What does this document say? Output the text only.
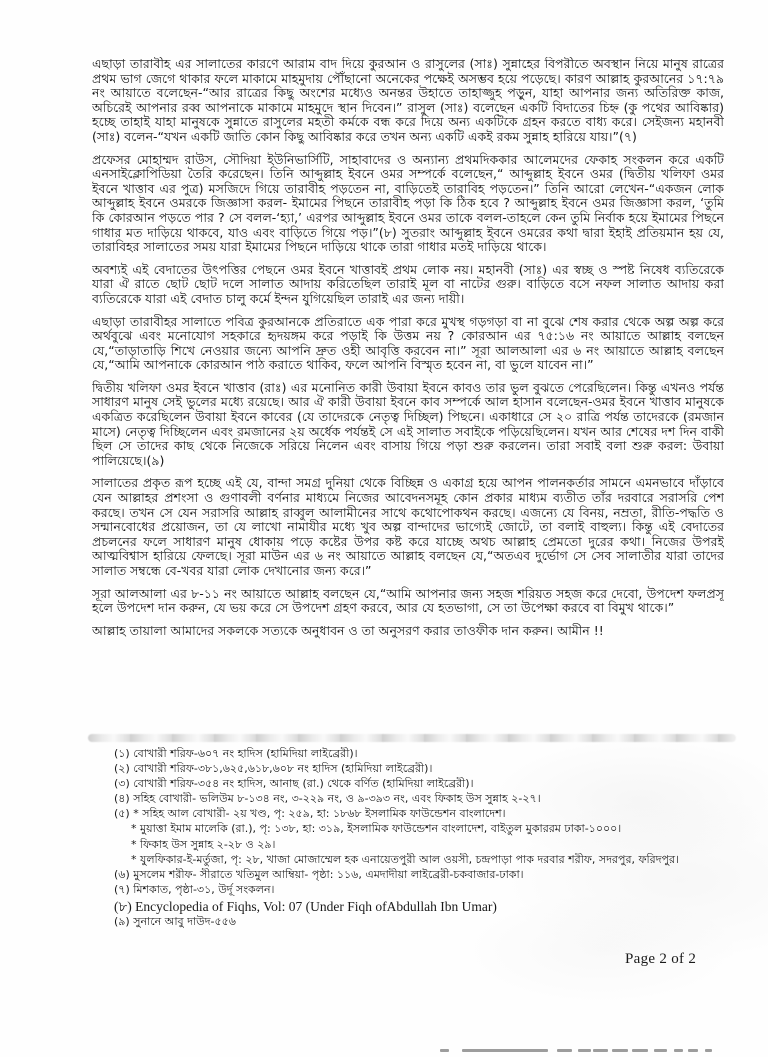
এছাড়া তারাবীহ এর সালাতের কারণে আরাম বাদ দিয়ে কুরআন ও রাসুলের (সাঃ) সুন্নাহের বিপরীতে অবস্থান নিয়ে মানুষ রাত্রের প্রথম ভাগ জেগে থাকার ফলে মাকামে মাহমুদায় পৌঁছানো অনেকের পক্ষেই অসম্ভব হয়ে পড়েছে। কারণ আল্লাহ কুরআনের ১৭:৭৯ নং আয়াতে বলেছেন-“আর রাত্রের কিছু অংশের মধ্যেও অনন্তর উহাতে তাহাজ্জুহ পড়ুন, যাহা আপনার জন্য অতিরিক্ত কাজ, অচিরেই আপনার রব্ব আপনাকে মাকামে মাহমুদে স্থান দিবেন।” রাসুল (সাঃ) বলেছেন একটি বিদাতের চিহ্ন (কু পথের আবিষ্কার) হচ্ছে তাহাই যাহা মানুষকে সুন্নাতে রাসুলের মহতী কর্মকে বন্ধ করে দিয়ে অন্য একটিকে গ্রহন করতে বাধ্য করে। সেইজন্য মহানবী (সাঃ) বলেন-“যখন একটি জাতি কোন কিছু আবিষ্কার করে তখন অন্য একটি একই রকম সুন্নাহ হারিয়ে যায়।”(৭)

প্রফেসর মোহাম্মদ রাউস, সৌদিয়া ইউনিভার্সিটি, সাহাবাদের ও অন্যান্য প্রথমদিককার আলেমদের ফেকাহ সংকলন করে একটি এনসাইক্লোপিডিয়া তৈরি করেছেন। তিনি আব্দুল্লাহ ইবনে ওমর সম্পর্কে বলেছেন,“ আব্দুল্লাহ ইবনে ওমর (দ্বিতীয় খলিফা ওমর ইবনে খাত্তাব এর পুত্র) মসজিদে গিয়ে তারাবীহ পড়তেন না, বাড়িতেই তারাবিহ পড়তেন।” তিনি আরো লেখেন-“একজন লোক আব্দুল্লাহ ইবনে ওমরকে জিজ্ঞাসা করল- ইমামের পিছনে তারাবীহ পড়া কি ঠিক হবে ? আব্দুল্লাহ ইবনে ওমর জিজ্ঞাসা করল, ‘তুমি কি কোরআন পড়তে পার ? সে বলল-‘হ্যা,’ এরপর আব্দুল্লাহ ইবনে ওমর তাকে বলল-তাহলে কেন তুমি নির্বাক হয়ে ইমামের পিছনে গাধার মত দাড়িয়ে থাকবে, যাও এবং বাড়িতে গিয়ে পড়।”(৮) সুতরাং আব্দুল্লাহ ইবনে ওমরের কথা দ্বারা ইহাই প্রতিয়মান হয় যে, তারাবিহর সালাতের সময় যারা ইমামের পিছনে দাড়িয়ে থাকে তারা গাধার মতই দাড়িয়ে থাকে।

অবশ্যই এই বেদাতের উৎপত্তির পেছনে ওমর ইবনে খাত্তাবই প্রথম লোক নয়। মহানবী (সাঃ) এর স্বচ্ছ ও স্পষ্ট নিষেধ ব্যতিরেকে যারা ঐ রাতে ছোট ছোট দলে সালাত আদায় করিতেছিল তারাই মূল বা নাটের গুরু। বাড়িতে বসে নফল সালাত আদায় করা ব্যতিরেকে যারা এই বেদাত চালু কর্মে ইন্দন যুগিয়েছিল তারাই এর জন্য দায়ী।

এছাড়া তারাবীহর সালাতে পবিত্র কুরআনকে প্রতিরাতে এক পারা করে মুখস্থ গড়গড়া বা না বুঝে শেষ করার থেকে অল্প অল্প করে অর্থবুঝে এবং মনোযোগ সহকারে হৃদয়ঙ্গম করে পড়াই কি উত্তম নয় ? কোরআন এর ৭৫:১৬ নং আয়াতে আল্লাহ বলছেন যে,“তাড়াতাড়ি শিখে নেওয়ার জন্যে আপনি দ্রুত ওহী আবৃত্তি করবেন না।” সূরা আলআলা এর ৬ নং আয়াতে আল্লাহ বলছেন যে,“আমি আপনাকে কোরআন পাঠ করাতে থাকিব, ফলে আপনি বিস্মৃত হবেন না, বা ভুলে যাবেন না।”

দ্বিতীয় খলিফা ওমর ইবনে খাত্তাব (রাঃ) এর মনোনিত কারী উবায়া ইবনে কাবও তার ভুল বুঝতে পেরেছিলেন। কিন্তু এখনও পর্যন্ত সাধারণ মানুষ সেই ভুলের মধ্যে রয়েছে। আর ঐ কারী উবায়া ইবনে কাব সম্পর্কে আল হাসান বলেছেন-ওমর ইবনে খাত্তাব মানুষকে একত্রিত করেছিলেন উবায়া ইবনে কাবের (যে তাদেরকে নেতৃত্ব দিচ্ছিল) পিছনে। একাধারে সে ২০ রাত্রি পর্যন্ত তাদেরকে (রমজান মাসে) নেতৃত্ব দিচ্ছিলেন এবং রমজানের ২য় অর্ধেক পর্যন্তই সে এই সালাত সবাইকে পড়িয়েছিলেন। যখন আর শেষের দশ দিন বাকী ছিল সে তাদের কাছ থেকে নিজেকে সরিয়ে নিলেন এবং বাসায় গিয়ে পড়া শুরু করলেন। তারা সবাই বলা শুরু করল: উবায়া পালিয়েছে।(৯)

সালাতের প্রকৃত রূপ হচ্ছে এই যে, বান্দা সমগ্র দুনিয়া থেকে বিচ্ছিন্ন ও একাগ্র হয়ে আপন পালনকর্তার সামনে এমনভাবে দাঁড়াবে যেন আল্লাহর প্রশংসা ও গুণাবলী বর্ণনার মাধ্যমে নিজের আবেদনসমূহ কোন প্রকার মাধ্যম ব্যতীত তাঁর দরবারে সরাসরি পেশ করছে। তখন সে যেন সরাসরি আল্লাহ রাব্বুল আলামীনের সাথে কথোপোকথন করছে। এজন্যে যে বিনয়, নম্রতা, রীতি-পদ্ধতি ও সন্মানবোধের প্রয়োজন, তা যে লাখো নামাযীর মধ্যে খুব অল্প বান্দাদের ভাগ্যেই জোটে, তা বলাই বাহুল্য। কিন্তু এই বেদাতের প্রচলনের ফলে সাধারণ মানুষ ধোকায় পড়ে কষ্টের উপর কষ্ট করে যাচ্ছে অথচ আল্লাহ প্রেমতো দুরের কথা। নিজের উপরই আত্মবিশ্বাস হারিয়ে ফেলছে। সূরা মাউন এর ৬ নং আয়াতে আল্লাহ বলছেন যে,“অতএব দুর্ভোগ সে সেব সালাতীর যারা তাদের সালাত সম্বন্ধে বে-খবর যারা লোক দেখানোর জন্য করে।”

সূরা আলআলা এর ৮-১১ নং আয়াতে আল্লাহ বলছেন যে,“আমি আপনার জন্য সহজ শরিয়ত সহজ করে দেবো, উপদেশ ফলপ্রসূ হলে উপদেশ দান করুন, যে ভয় করে সে উপদেশ গ্রহণ করবে, আর যে হতভাগা, সে তা উপেক্ষা করবে বা বিমুখ থাকে।”

আল্লাহ তায়ালা আমাদের সকলকে সত্যকে অনুধাবন ও তা অনুসরণ করার তাওফীক দান করুন। আমীন !!

(১) বোখারী শরিফ-৬০৭ নং হাদিস (হামিদিয়া লাইব্রেরী)।

(২) বোখারী শরিফ-৩৮১,৬২৫,৬১৮,৬০৮ নং হাদিস (হামিদিয়া লাইব্রেরী)।

(৩) বোখারী শরিফ-৩৫৪ নং হাদিস, আনাছ (রা.) থেকে বর্ণিত (হামিদিয়া লাইব্রেরী)।

(৪) সহিহ বোখারী- ভলিউম ৮-১৩৪ নং, ৩-২২৯ নং, ও ৯-৩৯৩ নং, এবং ফিকাহ উস সুন্নাহ ২-২৭।

(৫) * সহিহ আল বোখারী- ২য় খণ্ড, পৃ: ২৫৯, হা: ১৮৬৮ ইসলামিক ফাউন্ডেশন বাংলাদেশ।

* মুয়াত্তা ইমাম মালেকি (রা.), পৃ: ১৩৮, হা: ৩১৯, ইসলামিক ফাউন্ডেশন বাংলাদেশ, বাইতুল মুকাররম ঢাকা-১০০০।

* ফিকাহ উস সুন্নাহ ২-২৮ ও ২৯।

* যুলফিকার-ই-মর্তুজা, পৃ: ২৮, খাজা মোজাম্মেল হক এনায়েতপুরী আল ওয়সী, চন্দ্রপাড়া পাক দরবার শরীফ, সদরপুর, ফরিদপুর।

(৬) মুসলেম শরীফ- সীরাতে খতিমুল আম্বিয়া- পৃষ্ঠা: ১১৬, এমদাদীয়া লাইব্রেরী-চকবাজার-ঢাকা।

(৭) মিশকাত, পৃষ্ঠা-৩১, উর্দূ সংকলন।

(৮) Encyclopedia of Fiqhs, Vol: 07 (Under Fiqh ofAbdullah Ibn Umar)

(৯) সুনানে আবু দাউদ-৫৫৬

Page 2 of 2
